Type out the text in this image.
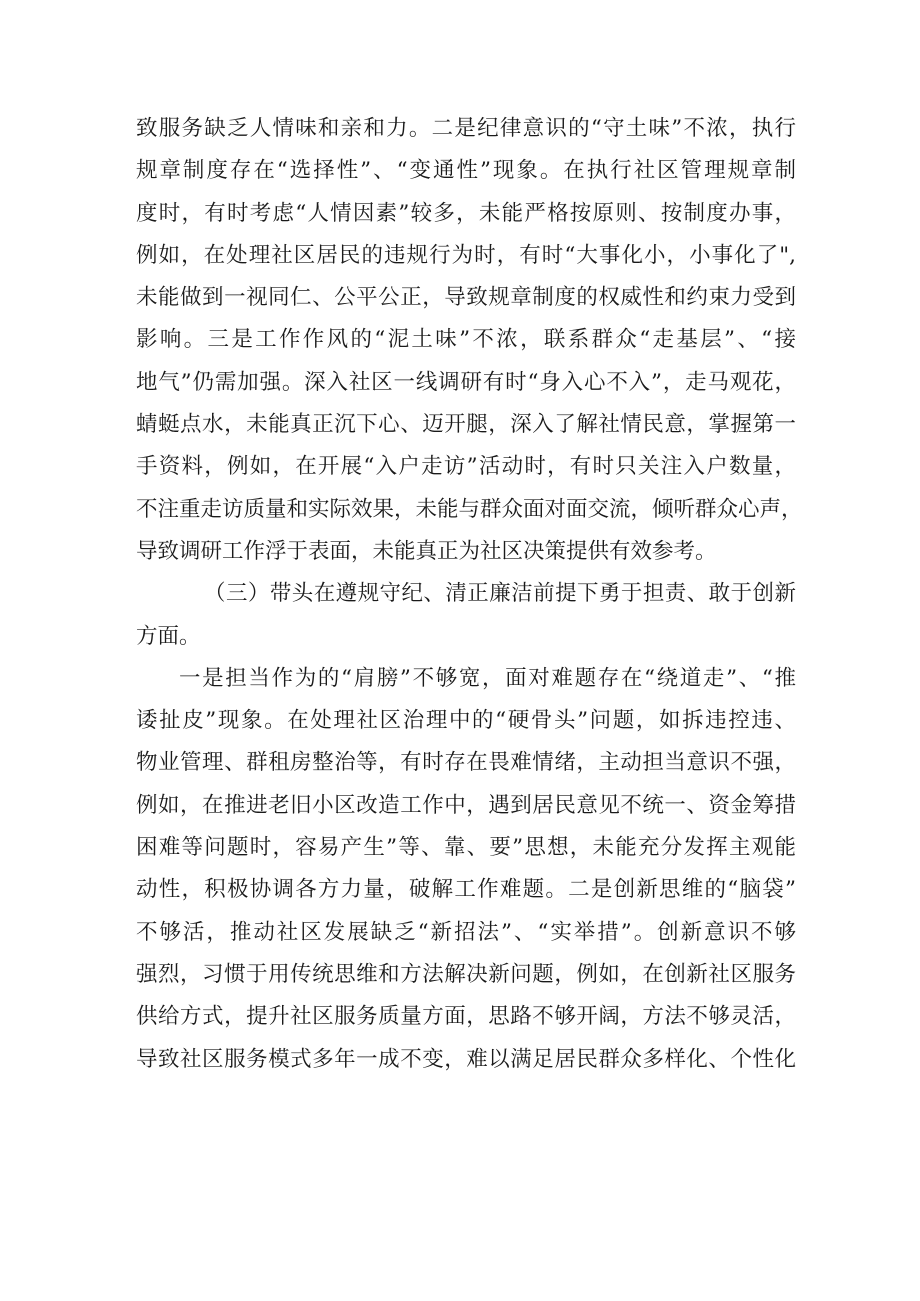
致服务缺乏人情味和亲和力。二是纪律意识的“守土味”不浓，执行
规章制度存在“选择性”、“变通性”现象。在执行社区管理规章制
度时，有时考虑“人情因素”较多，未能严格按原则、按制度办事，
例如，在处理社区居民的违规行为时，有时“大事化小，小事化了",
未能做到一视同仁、公平公正，导致规章制度的权威性和约束力受到
影响。三是工作作风的“泥土味”不浓，联系群众“走基层”、“接
地气”仍需加强。深入社区一线调研有时“身入心不入”，走马观花，
蜻蜓点水，未能真正沉下心、迈开腿，深入了解社情民意，掌握第一
手资料，例如，在开展“入户走访”活动时，有时只关注入户数量，
不注重走访质量和实际效果，未能与群众面对面交流，倾听群众心声，
导致调研工作浮于表面，未能真正为社区决策提供有效参考。
（三）带头在遵规守纪、清正廉洁前提下勇于担责、敢于创新
方面。
一是担当作为的“肩膀”不够宽，面对难题存在“绕道走”、“推
诿扯皮”现象。在处理社区治理中的“硬骨头”问题，如拆违控违、
物业管理、群租房整治等，有时存在畏难情绪，主动担当意识不强，
例如，在推进老旧小区改造工作中，遇到居民意见不统一、资金筹措
困难等问题时，容易产生”等、靠、要”思想，未能充分发挥主观能
动性，积极协调各方力量，破解工作难题。二是创新思维的“脑袋”
不够活，推动社区发展缺乏“新招法”、“实举措”。创新意识不够
强烈，习惯于用传统思维和方法解决新问题，例如，在创新社区服务
供给方式，提升社区服务质量方面，思路不够开阔，方法不够灵活，
导致社区服务模式多年一成不变，难以满足居民群众多样化、个性化
